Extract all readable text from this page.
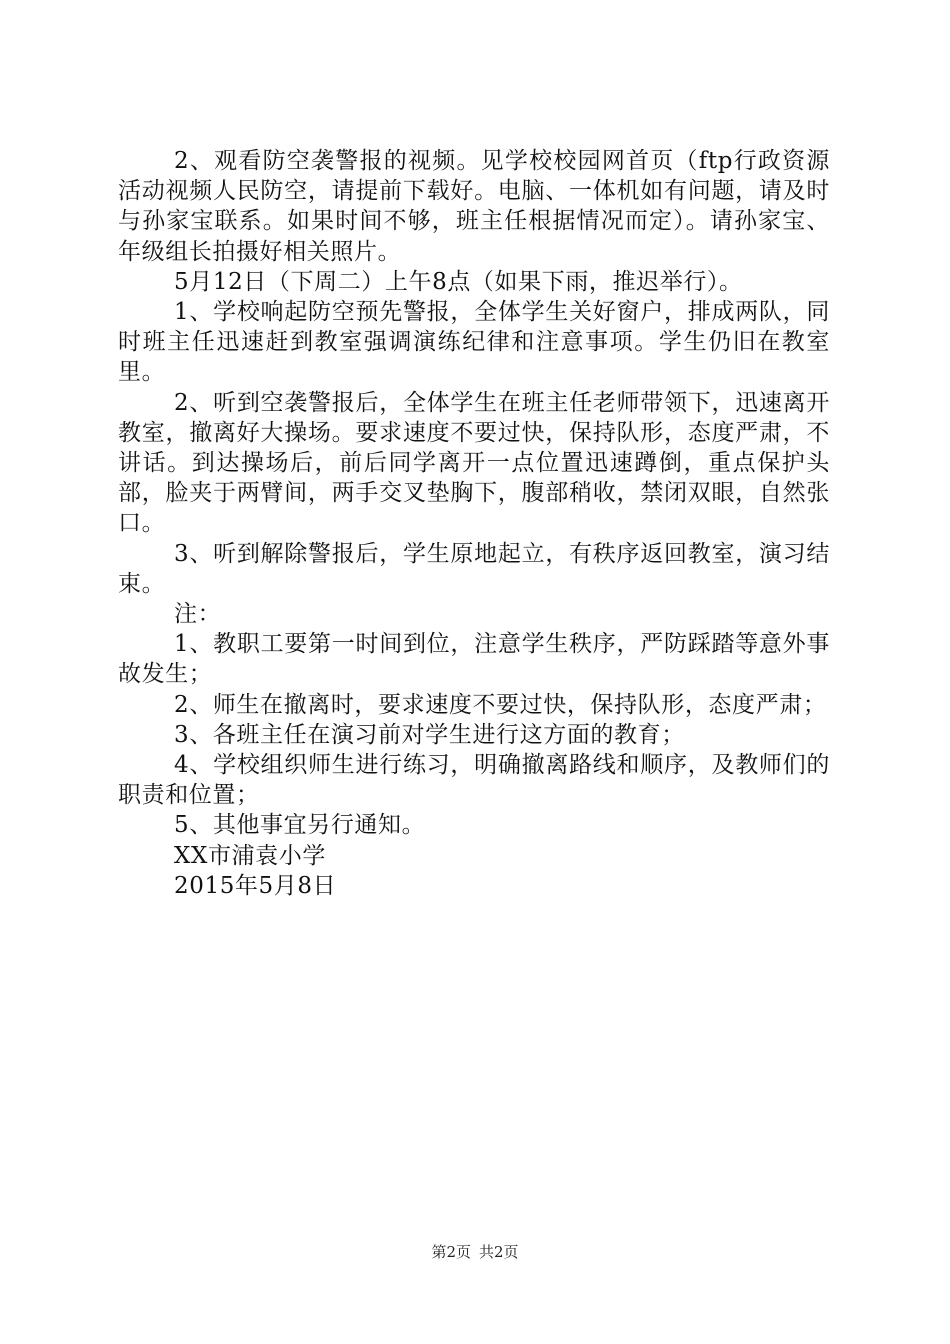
2、观看防空袭警报的视频。见学校校园网首页（ftp行政资源活动视频人民防空，请提前下载好。电脑、一体机如有问题，请及时与孙家宝联系。如果时间不够，班主任根据情况而定）。请孙家宝、年级组长拍摄好相关照片。

5月12日（下周二）上午8点（如果下雨，推迟举行）。

1、学校响起防空预先警报，全体学生关好窗户，排成两队，同时班主任迅速赶到教室强调演练纪律和注意事项。学生仍旧在教室里。

2、听到空袭警报后，全体学生在班主任老师带领下，迅速离开教室，撤离好大操场。要求速度不要过快，保持队形，态度严肃，不讲话。到达操场后，前后同学离开一点位置迅速蹲倒，重点保护头部，脸夹于两臂间，两手交叉垫胸下，腹部稍收，禁闭双眼，自然张口。

3、听到解除警报后，学生原地起立，有秩序返回教室，演习结束。

注：

1、教职工要第一时间到位，注意学生秩序，严防踩踏等意外事故发生；

2、师生在撤离时，要求速度不要过快，保持队形，态度严肃；

3、各班主任在演习前对学生进行这方面的教育；

4、学校组织师生进行练习，明确撤离路线和顺序，及教师们的职责和位置；

5、其他事宜另行通知。

XX市浦袁小学

2015年5月8日

第2页 共2页
